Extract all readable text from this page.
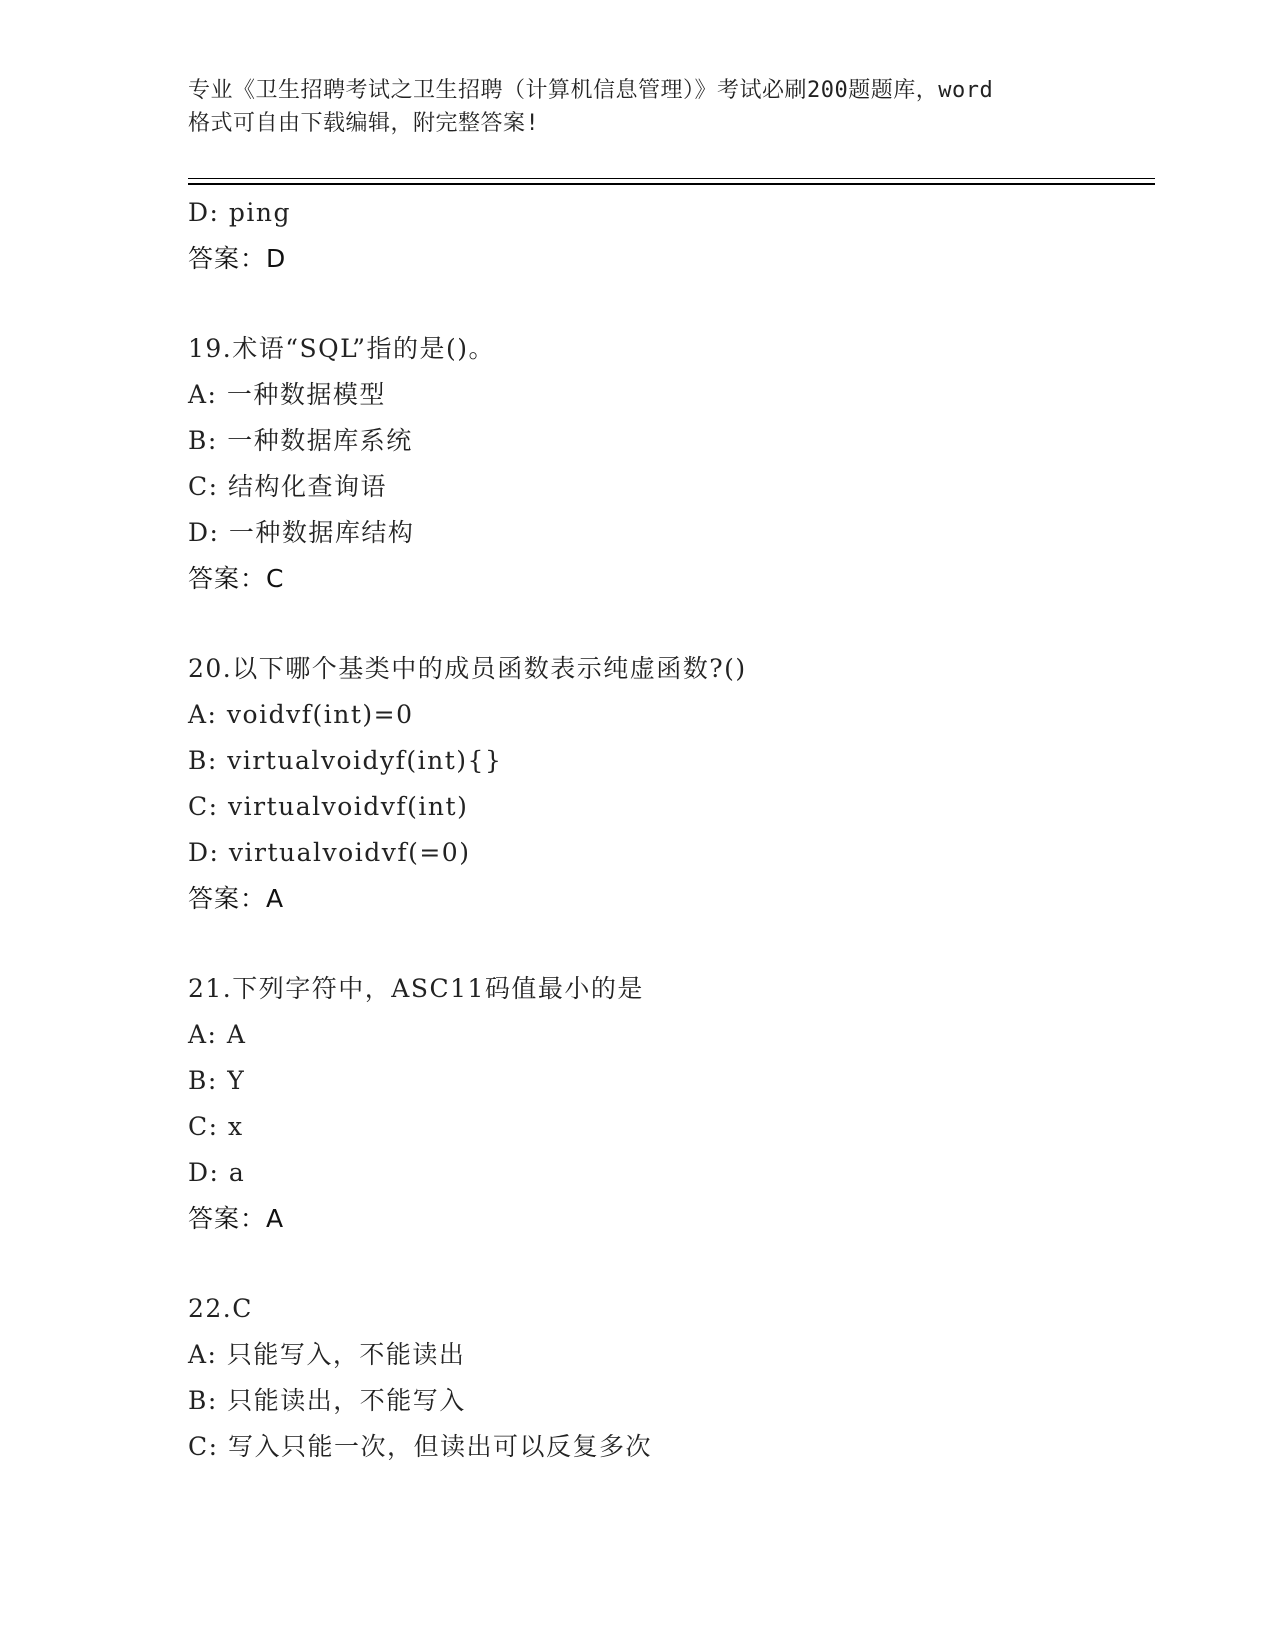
专业《卫生招聘考试之卫生招聘（计算机信息管理）》考试必刷200题题库，word
格式可自由下载编辑，附完整答案!
D: ping
答案：D
19.术语“SQL”指的是()。
A: 一种数据模型
B: 一种数据库系统
C: 结构化查询语
D: 一种数据库结构
答案：C
20.以下哪个基类中的成员函数表示纯虚函数?()
A: voidvf(int)=0
B: virtualvoidyf(int){}
C: virtualvoidvf(int)
D: virtualvoidvf(=0)
答案：A
21.下列字符中，ASC11码值最小的是
A: A
B: Y
C: x
D: a
答案：A
22.C
A: 只能写入，不能读出
B: 只能读出，不能写入
C: 写入只能一次，但读出可以反复多次
